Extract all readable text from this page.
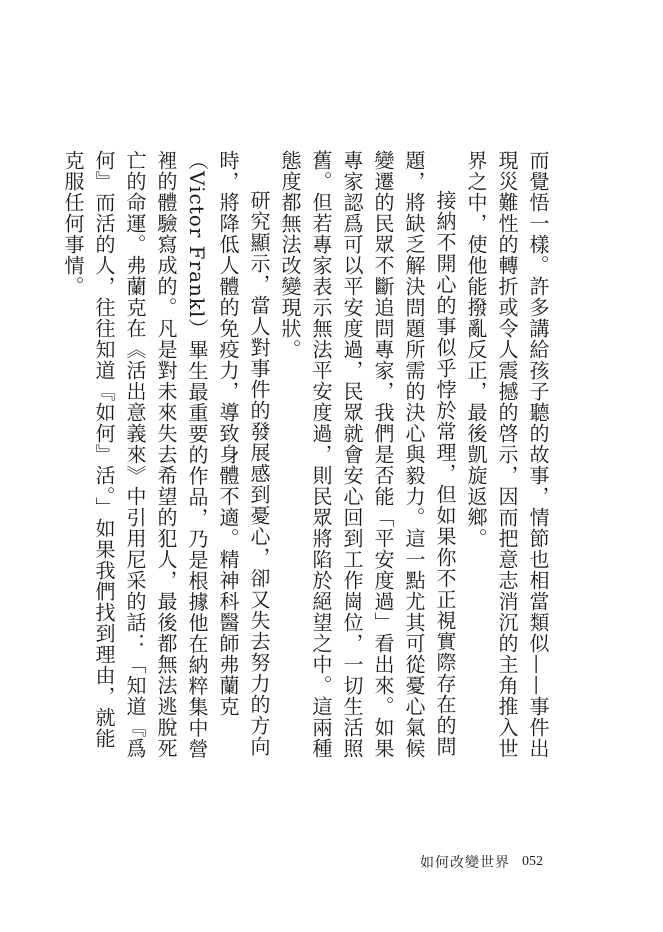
而覺悟一樣。許多講給孩子聽的故事，情節也相當類似——事件出現災難性的轉折或令人震撼的啓示，因而把意志消沉的主角推入世界之中，使他能撥亂反正，最後凱旋返鄉。

接納不開心的事似乎悖於常理，但如果你不正視實際存在的問題，將缺乏解決問題所需的決心與毅力。這一點尤其可從憂心氣候變遷的民眾不斷追問專家，我們是否能「平安度過」看出來。如果專家認爲可以平安度過，民眾就會安心回到工作崗位，一切生活照舊。但若專家表示無法平安度過，則民眾將陷於絕望之中。這兩種態度都無法改變現狀。

研究顯示，當人對事件的發展感到憂心，卻又失去努力的方向時，將降低人體的免疫力，導致身體不適。精神科醫師弗蘭克（Victor Frankl）畢生最重要的作品，乃是根據他在納粹集中營裡的體驗寫成的。凡是對未來失去希望的犯人，最後都無法逃脫死亡的命運。弗蘭克在《活出意義來》中引用尼采的話：「知道『爲何』而活的人，往往知道『如何』活。」如果我們找到理由，就能克服任何事情。

如何改變世界 052
